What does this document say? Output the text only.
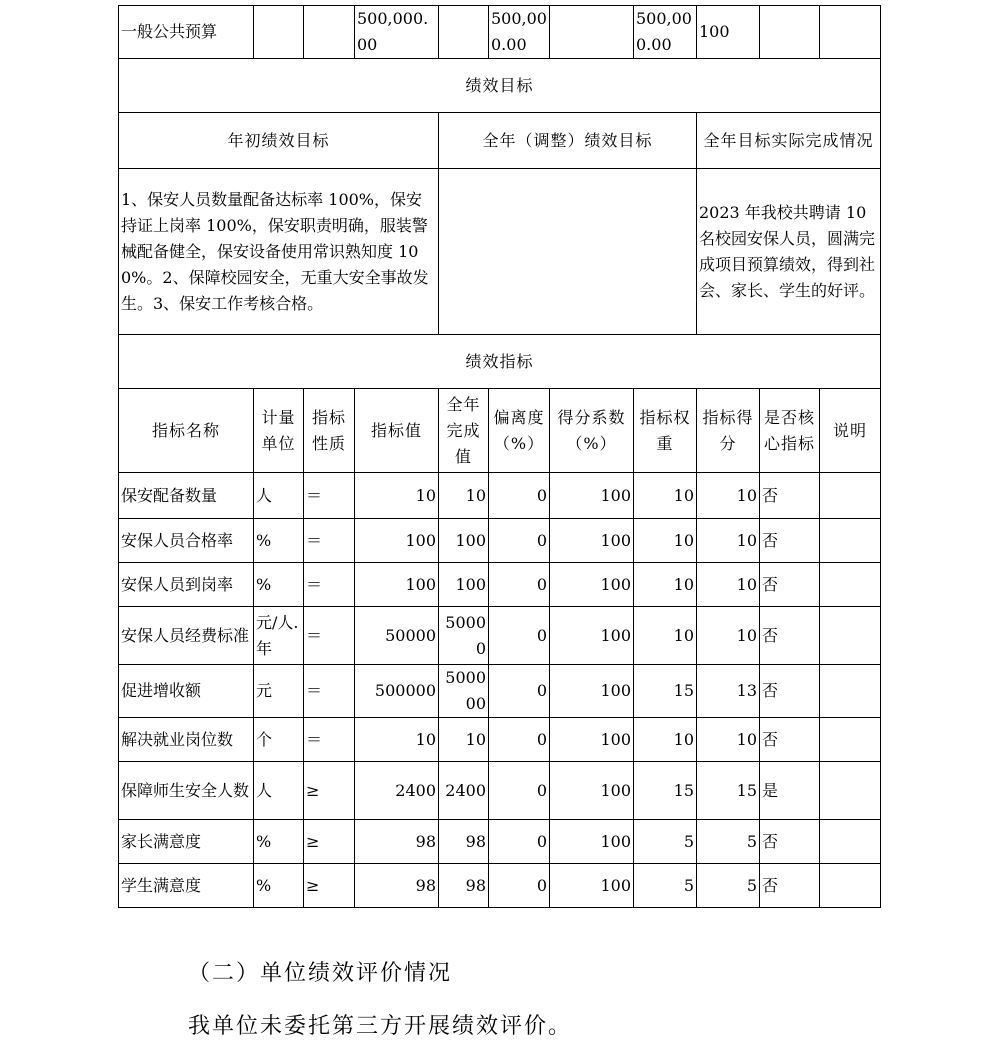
一般公共预算			500,000.00		500,000.00		500,000.00	100		
绩效目标										
年初绩效目标				全年（调整）绩效目标				全年目标实际完成情况		
1、保安人员数量配备达标率 100%，保安持证上岗率 100%，保安职责明确，服装警械配备健全，保安设备使用常识熟知度 100%。2、保障校园安全，无重大安全事故发生。3、保安工作考核合格。								2023 年我校共聘请 10 名校园安保人员，圆满完成项目预算绩效，得到社会、家长、学生的好评。		
绩效指标										
指标名称	计量单位	指标性质	指标值	全年完成值	偏离度（%）	得分系数（%）	指标权重	指标得分	是否核心指标	说明
保安配备数量	人	＝	10	10	0	100	10	10	否	
安保人员合格率	%	＝	100	100	0	100	10	10	否	
安保人员到岗率	%	＝	100	100	0	100	10	10	否	
安保人员经费标准	元/人.年	＝	50000	50000	0	100	10	10	否	
促进增收额	元	＝	500000	500000	0	100	15	13	否	
解决就业岗位数	个	＝	10	10	0	100	10	10	否	
保障师生安全人数	人	≥	2400	2400	0	100	15	15	是	
家长满意度	%	≥	98	98	0	100	5	5	否	
学生满意度	%	≥	98	98	0	100	5	5	否	
（二）单位绩效评价情况

我单位未委托第三方开展绩效评价。
